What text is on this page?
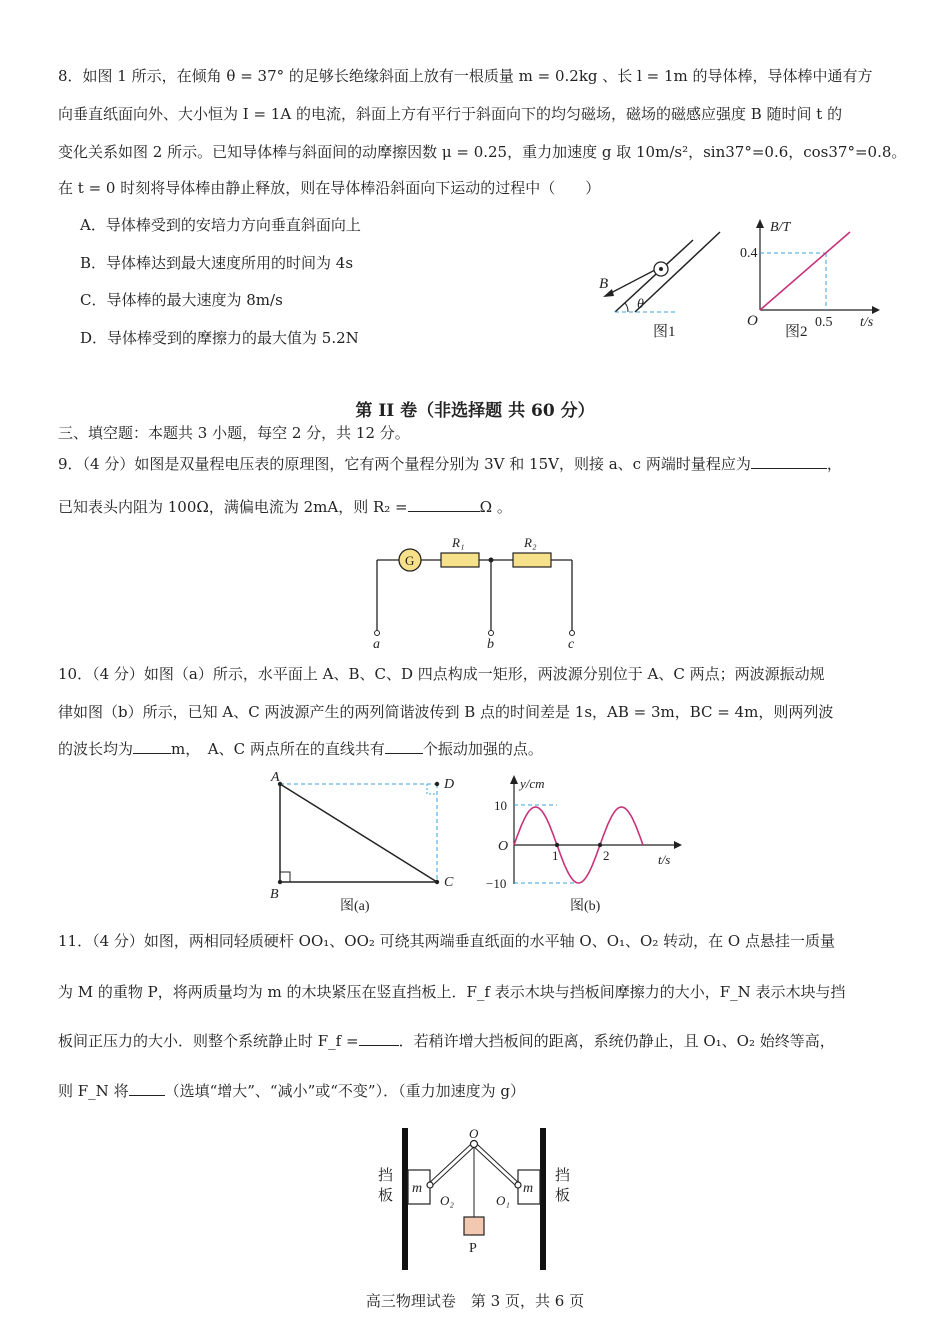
8．如图 1 所示，在倾角 θ = 37° 的足够长绝缘斜面上放有一根质量 m = 0.2kg 、长 l = 1m 的导体棒，导体棒中通有方
向垂直纸面向外、大小恒为 I = 1A 的电流，斜面上方有平行于斜面向下的均匀磁场，磁场的磁感应强度 B 随时间 t 的
变化关系如图 2 所示。已知导体棒与斜面间的动摩擦因数 μ = 0.25，重力加速度 g 取 10m/s²，sin37°=0.6，cos37°=0.8。
在 t = 0 时刻将导体棒由静止释放，则在导体棒沿斜面向下运动的过程中（　　）
A．导体棒受到的安培力方向垂直斜面向上
B．导体棒达到最大速度所用的时间为 4s
C．导体棒的最大速度为 8m/s
D．导体棒受到的摩擦力的最大值为 5.2N
B
θ
图1
B/T
0.4
O	0.5 t/s
图2
第 II 卷（非选择题 共 60 分）
三、填空题：本题共 3 小题，每空 2 分，共 12 分。
9．（4 分）如图是双量程电压表的原理图，它有两个量程分别为 3V 和 15V，则接 a、c 两端时量程应为	，
已知表头内阻为 100Ω，满偏电流为 2mA，则 R₂ =	Ω 。
G
R₁	R₂
a	b	c
10．（4 分）如图（a）所示，水平面上 A、B、C、D 四点构成一矩形，两波源分别位于 A、C 两点；两波源振动规
律如图（b）所示，已知 A、C 两波源产生的两列简谐波传到 B 点的时间差是 1s，AB = 3m，BC = 4m，则两列波
的波长均为	m，　A、C 两点所在的直线共有	个振动加强的点。
A
B
C
D
图(a)
y/cm
10
O
−10
1	2	t/s
图(b)
11．（4 分）如图，两相同轻质硬杆 OO₁、OO₂ 可绕其两端垂直纸面的水平轴 O、O₁、O₂ 转动，在 O 点悬挂一质量
为 M 的重物 P，将两质量均为 m 的木块紧压在竖直挡板上．F_f 表示木块与挡板间摩擦力的大小，F_N 表示木块与挡
板间正压力的大小．则整个系统静止时 F_f =	．若稍许增大挡板间的距离，系统仍静止，且 O₁、O₂ 始终等高，
则 F_N 将 （选填“增大”、“减小”或“不变”）．（重力加速度为 g）
挡
板
挡
板
m	m
O
O₂	O₁
P
高三物理试卷　第 3 页，共 6 页
